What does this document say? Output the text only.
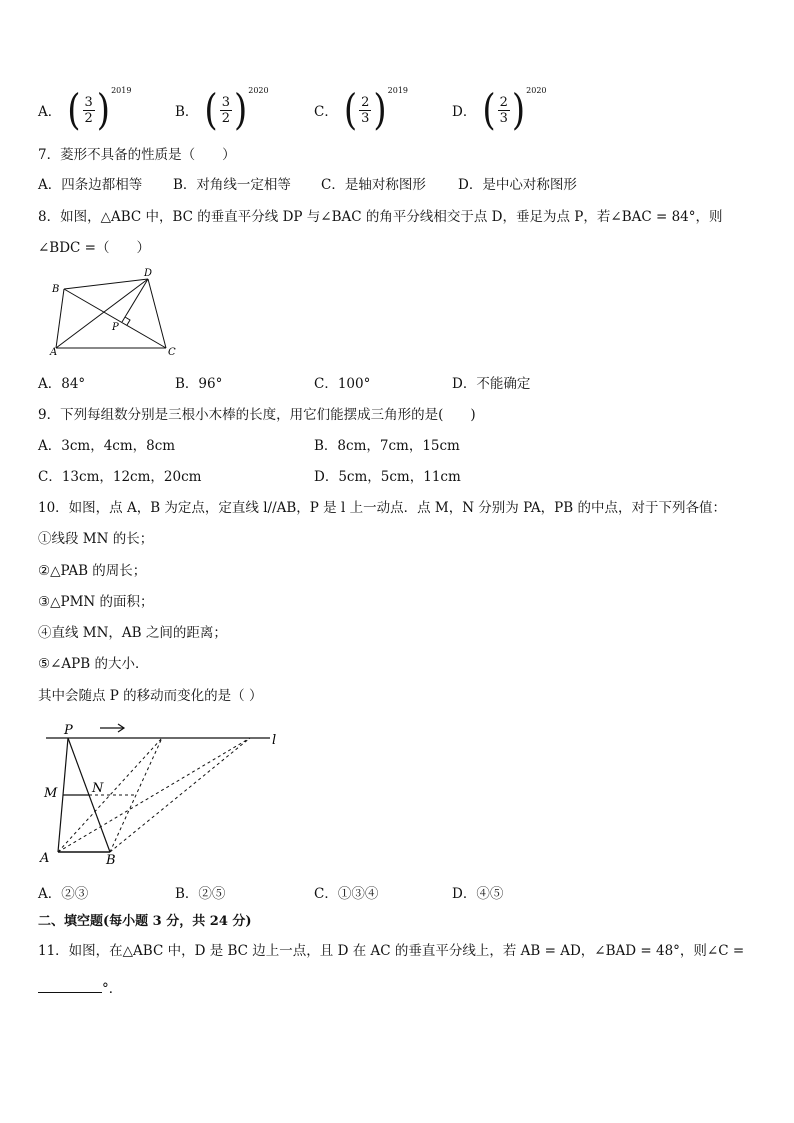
A． ( $\frac{3}{2}$ ) 2019
B． ( $\frac{3}{2}$ ) 2020
C． ( $\frac{2}{3}$ ) 2019
D． ( $\frac{2}{3}$ ) 2020
7．菱形不具备的性质是（　　）
A．四条边都相等 B．对角线一定相等 C．是轴对称图形 D．是中心对称图形
8．如图，△ABC 中，BC 的垂直平分线 DP 与∠BAC 的角平分线相交于点 D，垂足为点 P，若∠BAC = 84°，则
∠BDC =（　　）
A
B
C
D
P
A．84°	B．96°	C．100°	D．不能确定
9．下列每组数分别是三根小木棒的长度，用它们能摆成三角形的是(　　)
A．3cm，4cm，8cm	B．8cm，7cm，15cm
C．13cm，12cm，20cm	D．5cm，5cm，11cm
10．如图，点 A，B 为定点，定直线 l//AB，P 是 l 上一动点．点 M，N 分别为 PA，PB 的中点，对于下列各值：
①线段 MN 的长；
②△PAB 的周长；
③△PMN 的面积；
④直线 MN，AB 之间的距离；
⑤∠APB 的大小．
其中会随点 P 的移动而变化的是（ ）
P
l
M	N
A	B
A．②③	B．②⑤	C．①③④	D．④⑤
二、填空题(每小题 3 分，共 24 分)
11．如图，在△ABC 中，D 是 BC 边上一点，且 D 在 AC 的垂直平分线上，若 AB = AD，∠BAD = 48°，则∠C =
°．
